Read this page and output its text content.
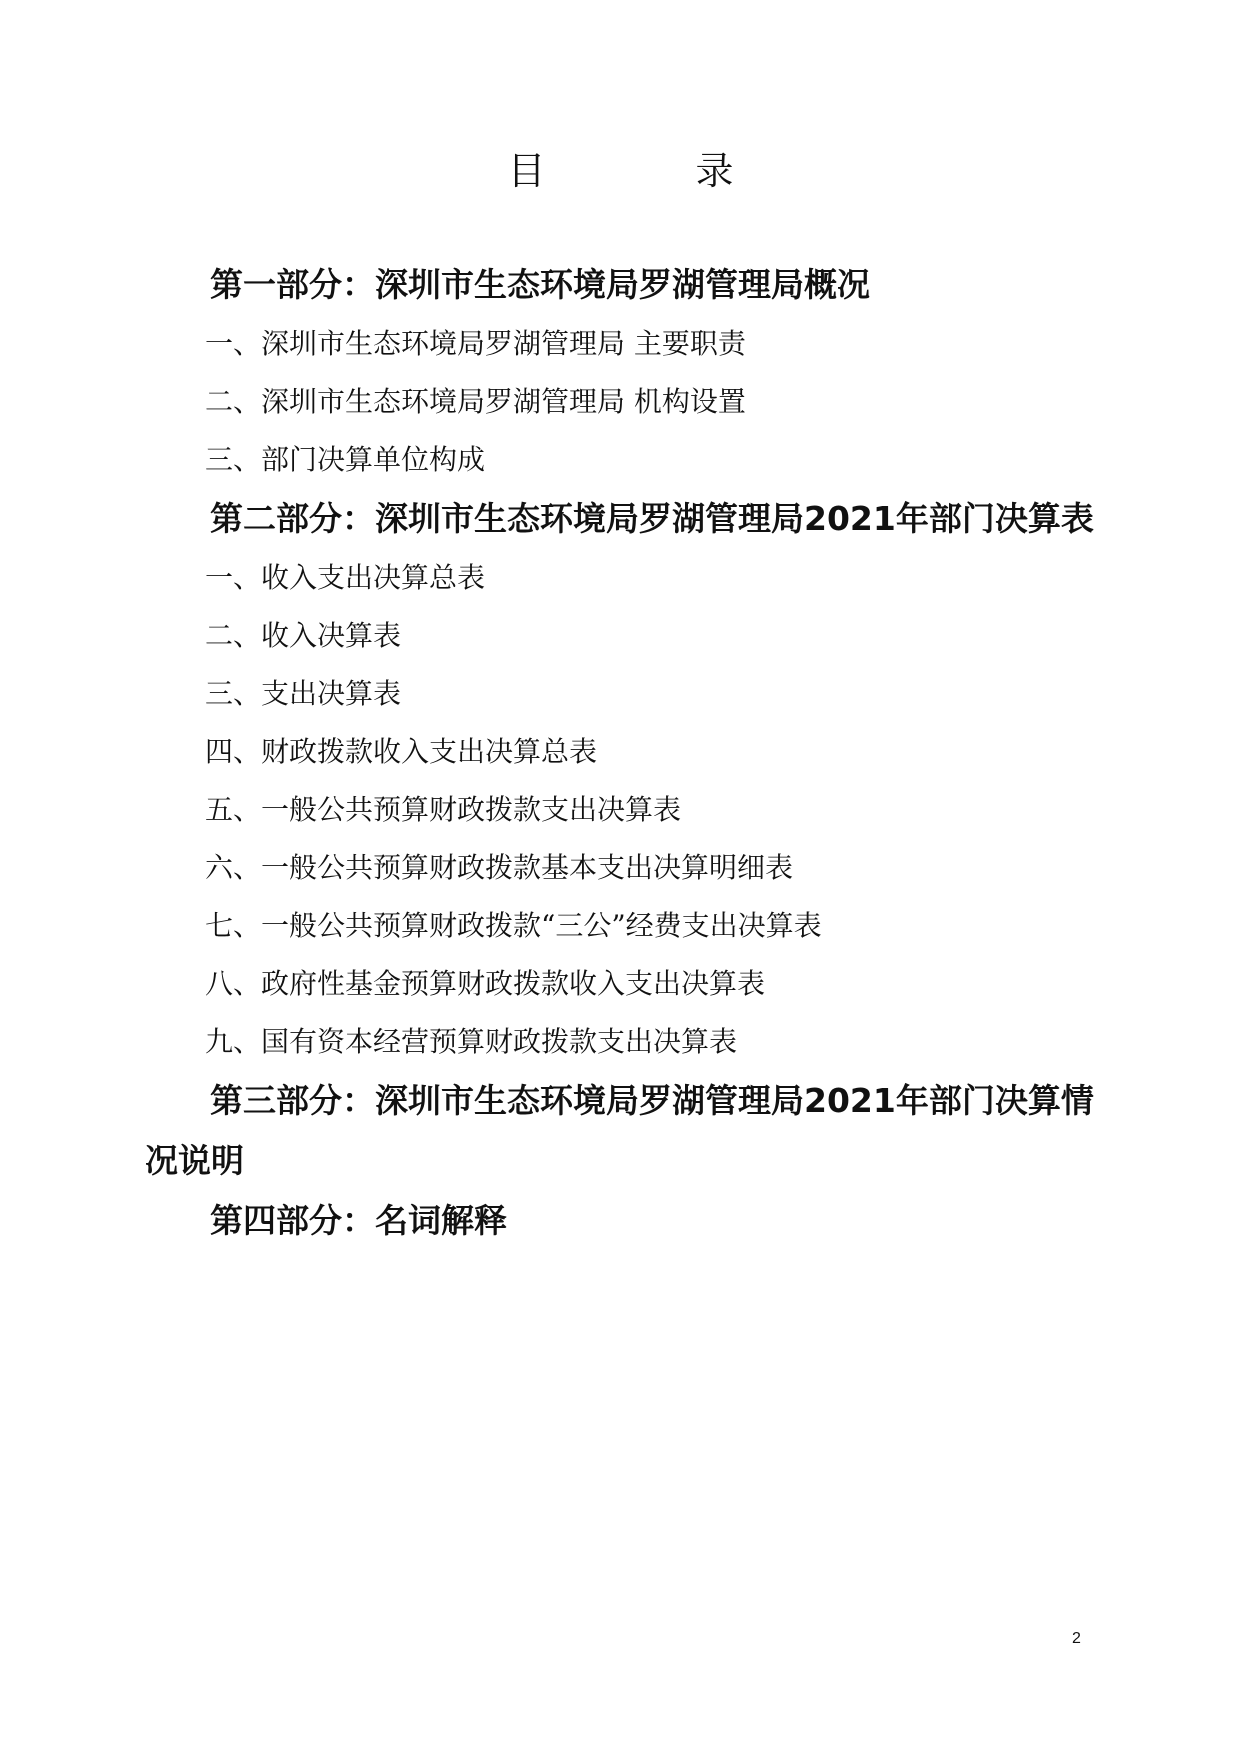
目	录

第一部分：深圳市生态环境局罗湖管理局概况

一、深圳市生态环境局罗湖管理局 主要职责

二、深圳市生态环境局罗湖管理局 机构设置

三、部门决算单位构成

第二部分：深圳市生态环境局罗湖管理局2021年部门决算表

一、收入支出决算总表

二、收入决算表

三、支出决算表

四、财政拨款收入支出决算总表

五、一般公共预算财政拨款支出决算表

六、一般公共预算财政拨款基本支出决算明细表

七、一般公共预算财政拨款“三公”经费支出决算表

八、政府性基金预算财政拨款收入支出决算表

九、国有资本经营预算财政拨款支出决算表

第三部分：深圳市生态环境局罗湖管理局2021年部门决算情况说明

第四部分：名词解释

2
